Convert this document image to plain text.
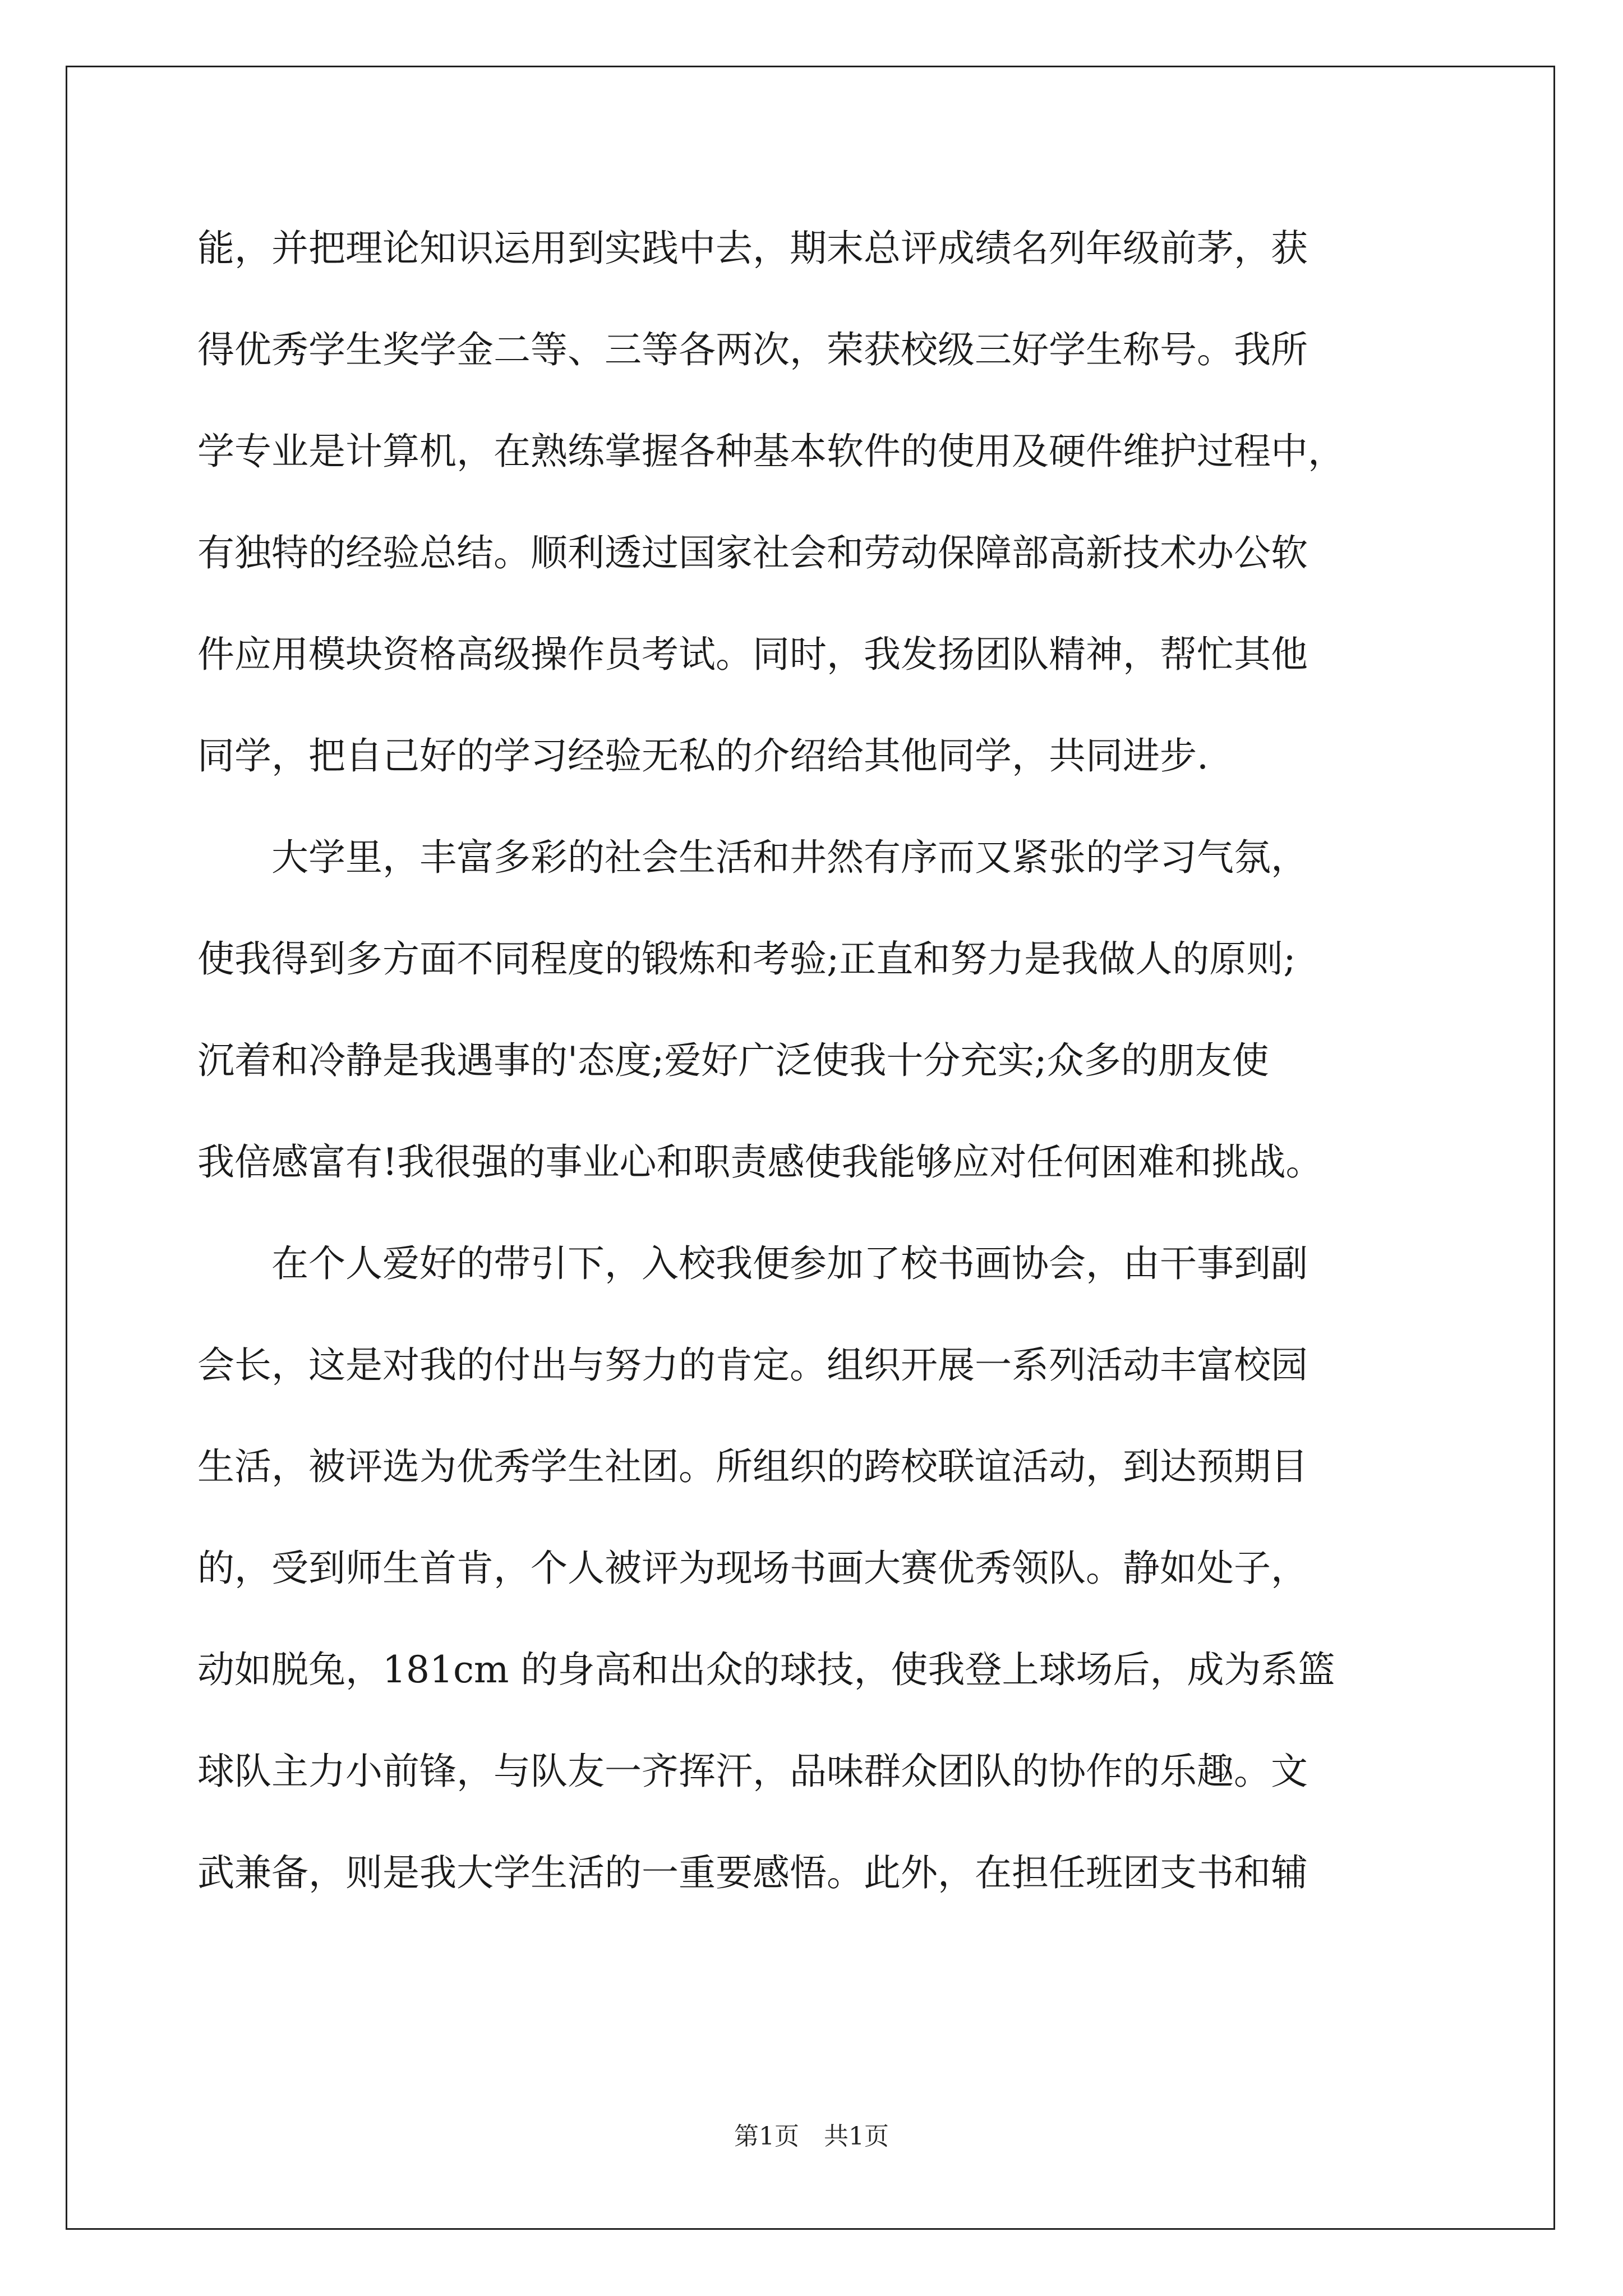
能，并把理论知识运用到实践中去，期末总评成绩名列年级前茅，获
得优秀学生奖学金二等、三等各两次，荣获校级三好学生称号。我所
学专业是计算机，在熟练掌握各种基本软件的使用及硬件维护过程中，
有独特的经验总结。顺利透过国家社会和劳动保障部高新技术办公软
件应用模块资格高级操作员考试。同时，我发扬团队精神，帮忙其他
同学，把自己好的学习经验无私的介绍给其他同学，共同进步.
　　大学里，丰富多彩的社会生活和井然有序而又紧张的学习气氛，
使我得到多方面不同程度的锻炼和考验;正直和努力是我做人的原则;
沉着和冷静是我遇事的'态度;爱好广泛使我十分充实;众多的朋友使
我倍感富有!我很强的事业心和职责感使我能够应对任何困难和挑战。
　　在个人爱好的带引下，入校我便参加了校书画协会，由干事到副
会长，这是对我的付出与努力的肯定。组织开展一系列活动丰富校园
生活，被评选为优秀学生社团。所组织的跨校联谊活动，到达预期目
的，受到师生首肯，个人被评为现场书画大赛优秀领队。静如处子，
动如脱兔，181cm 的身高和出众的球技，使我登上球场后，成为系篮
球队主力小前锋，与队友一齐挥汗，品味群众团队的协作的乐趣。文
武兼备，则是我大学生活的一重要感悟。此外，在担任班团支书和辅
第1页　共1页
